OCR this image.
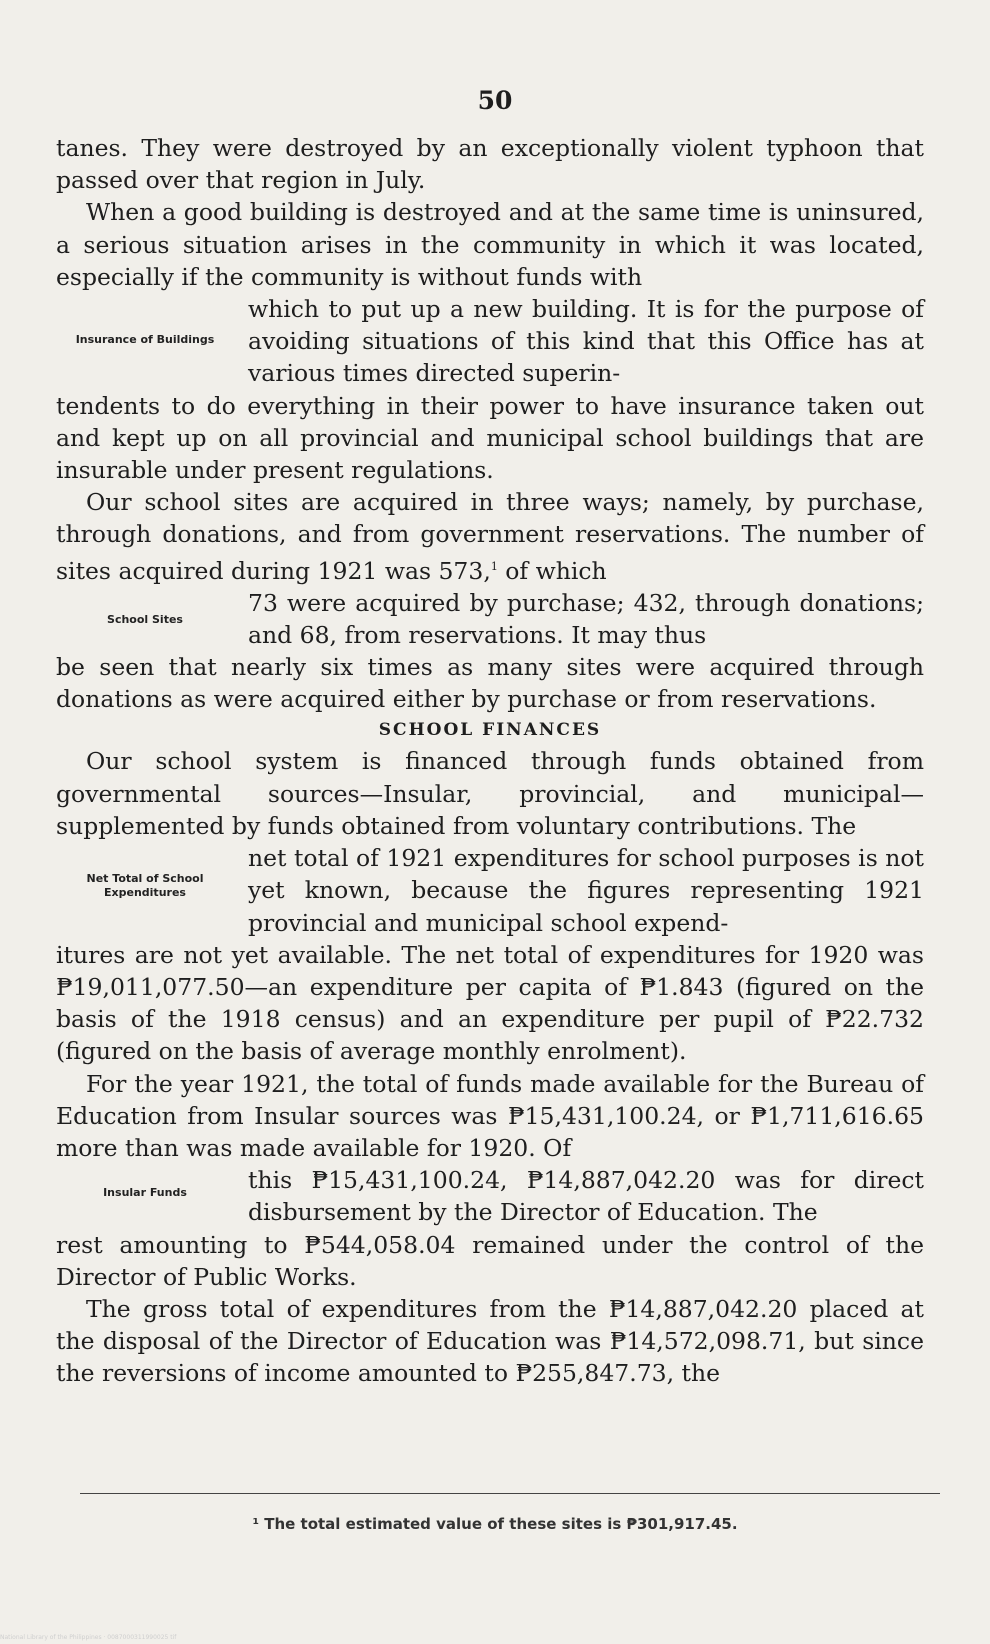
50

tanes. They were destroyed by an exceptionally violent typhoon that passed over that region in July.

When a good building is destroyed and at the same time is uninsured, a serious situation arises in the community in which it was located, especially if the community is without funds with

Insurance of Buildings

which to put up a new building. It is for the purpose of avoiding situations of this kind that this Office has at various times directed superin-

tendents to do everything in their power to have insurance taken out and kept up on all provincial and municipal school buildings that are insurable under present regulations.

Our school sites are acquired in three ways; namely, by purchase, through donations, and from government reservations. The number of sites acquired during 1921 was 573,$^1$ of which

School Sites

73 were acquired by purchase; 432, through donations; and 68, from reservations. It may thus

be seen that nearly six times as many sites were acquired through donations as were acquired either by purchase or from reservations.

SCHOOL FINANCES

Our school system is financed through funds obtained from governmental sources—Insular, provincial, and municipal—supplemented by funds obtained from voluntary contributions. The

Net Total of School Expenditures

net total of 1921 expenditures for school purposes is not yet known, because the figures representing 1921 provincial and municipal school expend-

itures are not yet available. The net total of expenditures for 1920 was ₱19,011,077.50—an expenditure per capita of ₱1.843 (figured on the basis of the 1918 census) and an expenditure per pupil of ₱22.732 (figured on the basis of average monthly enrolment).

For the year 1921, the total of funds made available for the Bureau of Education from Insular sources was ₱15,431,100.24, or ₱1,711,616.65 more than was made available for 1920. Of

Insular Funds	this ₱15,431,100.24, ₱14,887,042.20 was for direct disbursement by the Director of Education. The

rest amounting to ₱544,058.04 remained under the control of the Director of Public Works.

The gross total of expenditures from the ₱14,887,042.20 placed at the disposal of the Director of Education was ₱14,572,098.71, but since the reversions of income amounted to ₱255,847.73, the

¹ The total estimated value of these sites is ₱301,917.45.
National Library of the Philippines · 0087000311990025 tif
